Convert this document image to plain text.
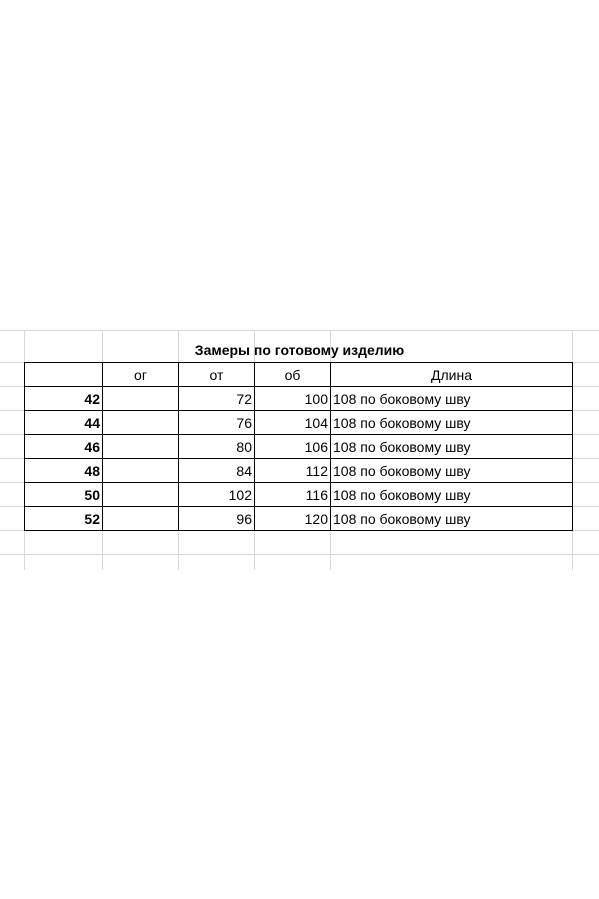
Замеры по готовому изделию
	ог	от	об	Длина
42		72	100	108 по боковому шву
44		76	104	108 по боковому шву
46		80	106	108 по боковому шву
48		84	112	108 по боковому шву
50		102	116	108 по боковому шву
52		96	120	108 по боковому шву
